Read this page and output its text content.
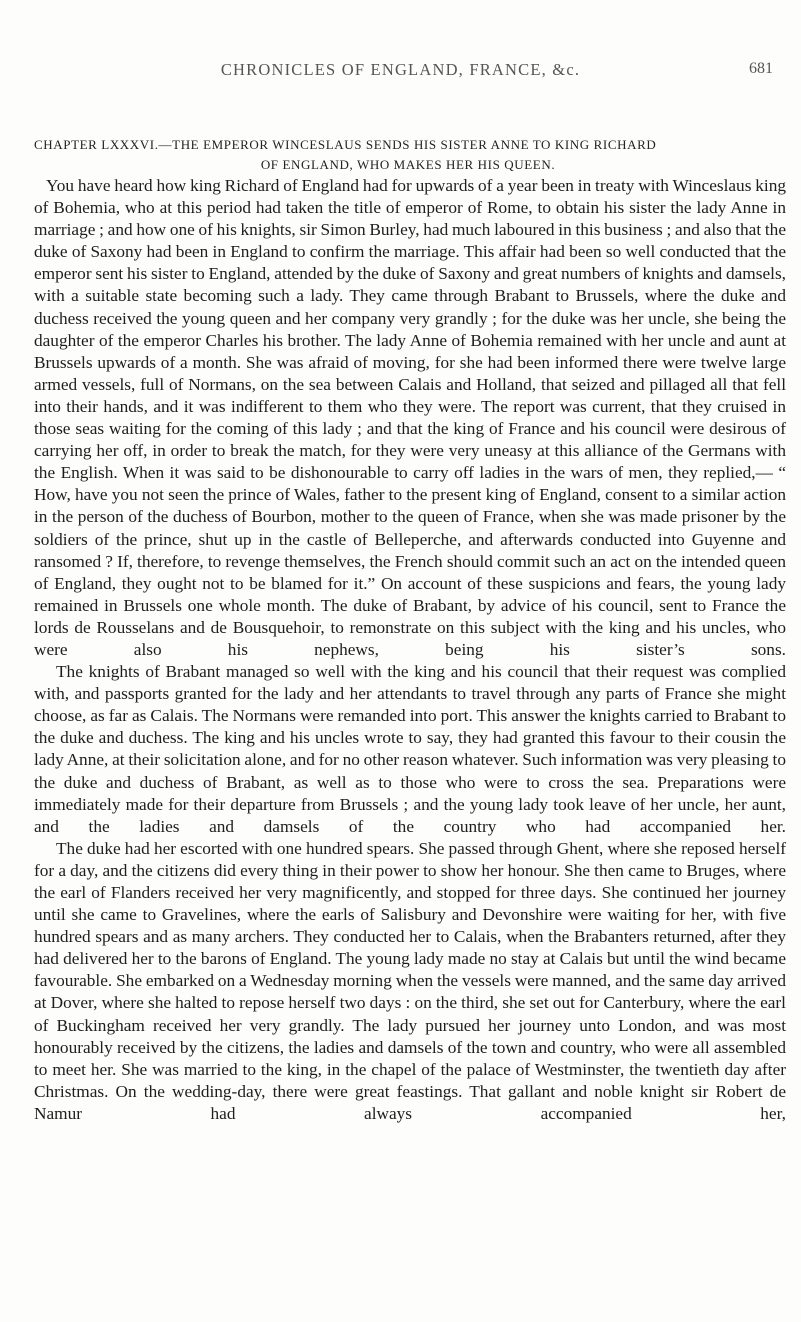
CHRONICLES OF ENGLAND, FRANCE, &c.	681
CHAPTER LXXXVI.—THE EMPEROR WINCESLAUS SENDS HIS SISTER ANNE TO KING RICHARD
OF ENGLAND, WHO MAKES HER HIS QUEEN.

You have heard how king Richard of England had for upwards of a year been in treaty with Winceslaus king of Bohemia, who at this period had taken the title of emperor of Rome, to obtain his sister the lady Anne in marriage ; and how one of his knights, sir Simon Burley, had much laboured in this business ; and also that the duke of Saxony had been in England to confirm the marriage. This affair had been so well conducted that the emperor sent his sister to England, attended by the duke of Saxony and great numbers of knights and damsels, with a suitable state becoming such a lady. They came through Brabant to Brussels, where the duke and duchess received the young queen and her company very grandly ; for the duke was her uncle, she being the daughter of the emperor Charles his brother. The lady Anne of Bohemia remained with her uncle and aunt at Brussels upwards of a month. She was afraid of moving, for she had been informed there were twelve large armed vessels, full of Normans, on the sea between Calais and Holland, that seized and pillaged all that fell into their hands, and it was indifferent to them who they were. The report was current, that they cruised in those seas waiting for the coming of this lady ; and that the king of France and his council were desirous of carrying her off, in order to break the match, for they were very uneasy at this alliance of the Germans with the English. When it was said to be dishonourable to carry off ladies in the wars of men, they replied,— “ How, have you not seen the prince of Wales, father to the present king of England, consent to a similar action in the person of the duchess of Bourbon, mother to the queen of France, when she was made prisoner by the soldiers of the prince, shut up in the castle of Belleperche, and afterwards conducted into Guyenne and ransomed ? If, therefore, to revenge themselves, the French should commit such an act on the intended queen of England, they ought not to be blamed for it.” On account of these suspicions and fears, the young lady remained in Brussels one whole month. The duke of Brabant, by advice of his council, sent to France the lords de Rousselans and de Bousquehoir, to remonstrate on this subject with the king and his uncles, who were also his nephews, being his sister’s sons.

The knights of Brabant managed so well with the king and his council that their request was complied with, and passports granted for the lady and her attendants to travel through any parts of France she might choose, as far as Calais. The Normans were remanded into port. This answer the knights carried to Brabant to the duke and duchess. The king and his uncles wrote to say, they had granted this favour to their cousin the lady Anne, at their solicitation alone, and for no other reason whatever. Such information was very pleasing to the duke and duchess of Brabant, as well as to those who were to cross the sea. Preparations were immediately made for their departure from Brussels ; and the young lady took leave of her uncle, her aunt, and the ladies and damsels of the country who had accompanied her.

The duke had her escorted with one hundred spears. She passed through Ghent, where she reposed herself for a day, and the citizens did every thing in their power to show her honour. She then came to Bruges, where the earl of Flanders received her very magnificently, and stopped for three days. She continued her journey until she came to Gravelines, where the earls of Salisbury and Devonshire were waiting for her, with five hundred spears and as many archers. They conducted her to Calais, when the Brabanters returned, after they had delivered her to the barons of England. The young lady made no stay at Calais but until the wind became favourable. She embarked on a Wednesday morning when the vessels were manned, and the same day arrived at Dover, where she halted to repose herself two days : on the third, she set out for Canterbury, where the earl of Buckingham received her very grandly. The lady pursued her journey unto London, and was most honourably received by the citizens, the ladies and damsels of the town and country, who were all assembled to meet her. She was married to the king, in the chapel of the palace of Westminster, the twentieth day after Christmas. On the wedding-day, there were great feastings. That gallant and noble knight sir Robert de Namur had always accompanied her,
